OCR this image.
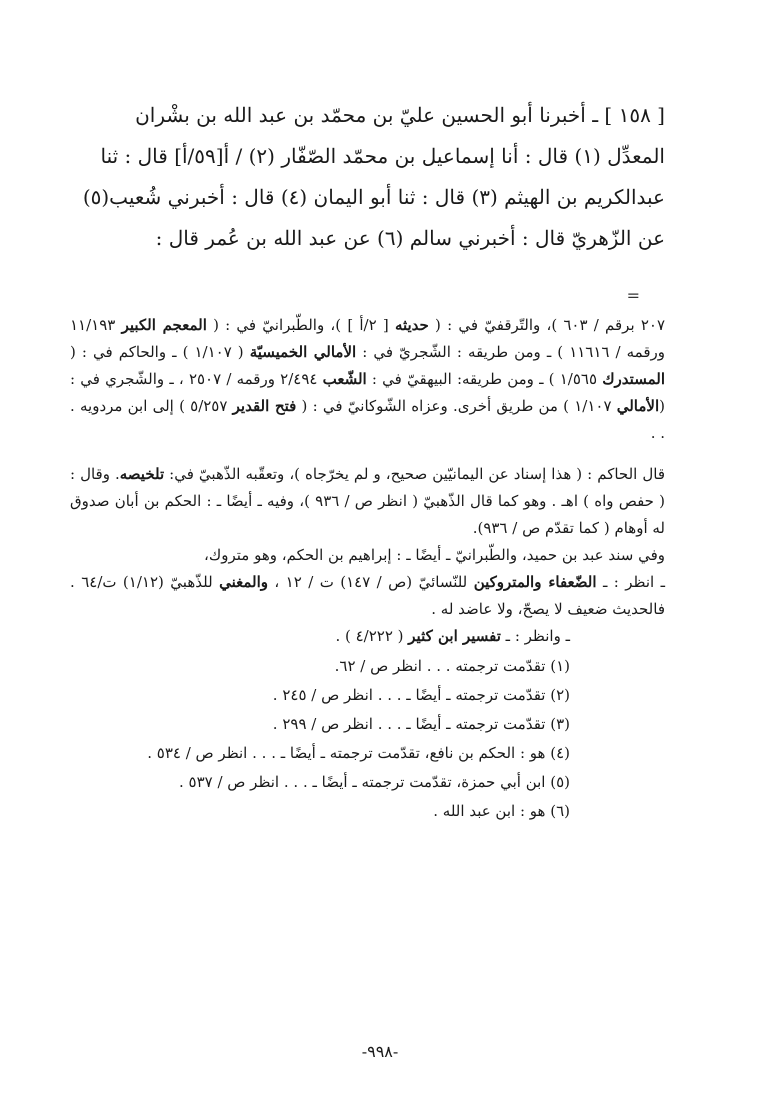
[ ١٥٨ ] ـ أخبرنا أبو الحسين عليّ بن محمّد بن عبد الله بن بشْران

المعدِّل (١) قال : أنا إسماعيل بن محمّد الصّفّار (٢) / أ[٥٩/أ] قال : ثنا

عبدالكريم بن الهيثم (٣) قال : ثنا أبو اليمان (٤) قال : أخبرني شُعيب(٥)

عن الزّهريّ قال : أخبرني سالم (٦) عن عبد الله بن عُمر قال :

=

٢٠٧ برقم / ٦٠٣ )، والتّرقفيّ في : ( حديثه [ ٢/أ ] )، والطّبرانيّ في : ( المعجم الكبير ١١/١٩٣ ورقمه / ١١٦١٦ ) ـ ومن طريقه : الشّجريّ في : الأمالي الخميسيّة ( ١/١٠٧ ) ـ والحاكم في : ( المستدرك ١/٥٦٥ ) ـ ومن طريقه: البيهقيّ في : الشّعب ٢/٤٩٤ ورقمه / ٢٥٠٧ ، ـ والشّجري في : (الأمالي ١/١٠٧ ) من طريق أخرى. وعزاه الشّوكانيّ في : ( فتح القدير ٥/٢٥٧ ) إلى ابن مردويه . . .

قال الحاكم : ( هذا إسناد عن اليمانيّين صحيح، و لم يخرّجاه )، وتعقّبه الذّهبيّ في: تلخيصه. وقال : ( حفص واه ) اهـ . وهو كما قال الذّهبيّ ( انظر ص / ٩٣٦ )، وفيه ـ أيضًا ـ : الحكم بن أبان صدوق له أوهام ( كما تقدّم ص / ٩٣٦).

وفي سند عبد بن حميد، والطّبرانيّ ـ أيضًا ـ : إبراهيم بن الحكم، وهو متروك،

ـ انظر : ـ الضّعفاء والمتروكين للنّسائيّ (ص / ١٤٧) ت / ١٢ ، والمغني للذّهبيّ (١/١٢) ت/٦٤ . فالحديث ضعيف لا يصحّ، ولا عاضد له .

ـ وانظر : ـ تفسير ابن كثير ( ٤/٢٢٢ ) .

(١) تقدّمت ترجمته . . . انظر ص / ٦٢.
(٢) تقدّمت ترجمته ـ أيضًا ـ . . . انظر ص / ٢٤٥ .
(٣) تقدّمت ترجمته ـ أيضًا ـ . . . انظر ص / ٢٩٩ .
(٤) هو : الحكم بن نافع، تقدّمت ترجمته ـ أيضًا ـ . . . انظر ص / ٥٣٤ .
(٥) ابن أبي حمزة، تقدّمت ترجمته ـ أيضًا ـ . . . انظر ص / ٥٣٧ .
(٦) هو : ابن عبد الله .
-٩٩٨-
